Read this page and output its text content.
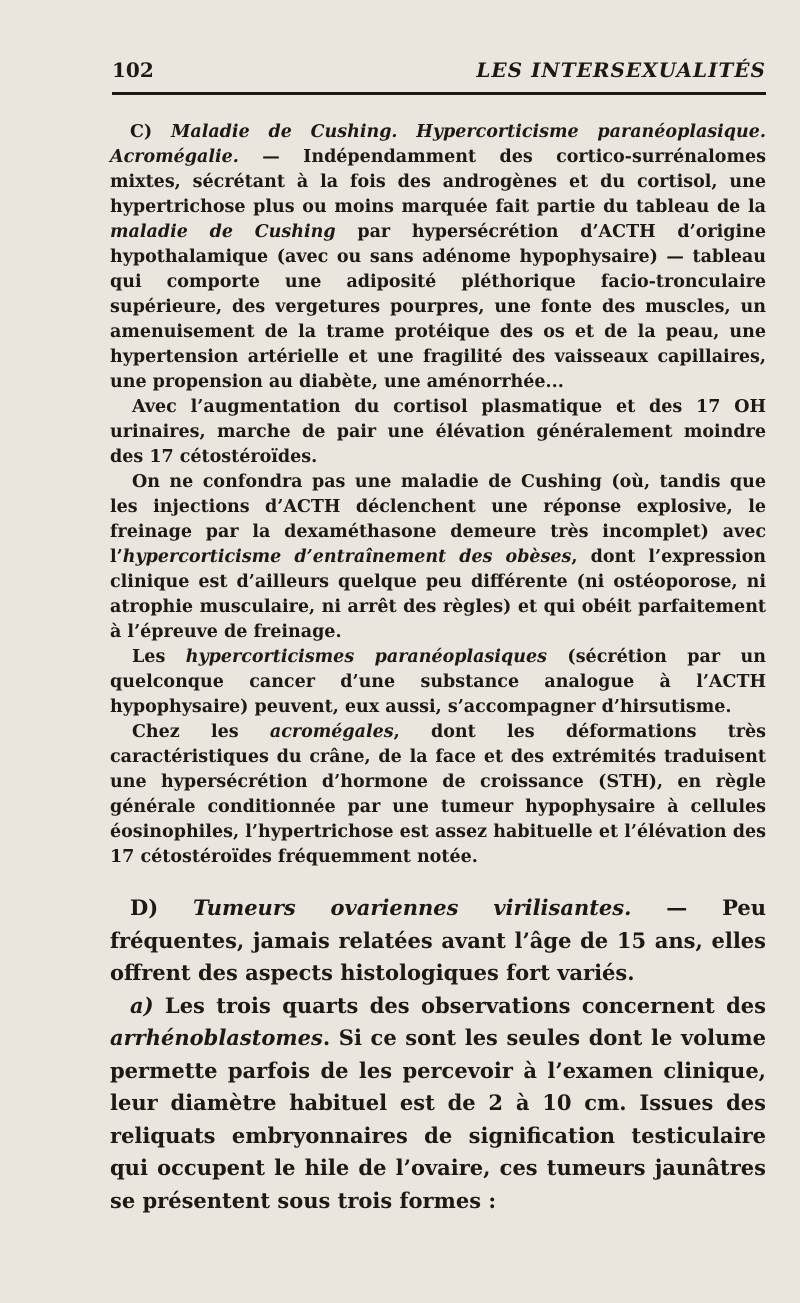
102	LES INTERSEXUALITÉS

C) Maladie de Cushing. Hypercorticisme paranéoplasique. Acromégalie. — Indépendamment des cortico-surrénalomes mixtes, sécrétant à la fois des androgènes et du cortisol, une hypertrichose plus ou moins marquée fait partie du tableau de la maladie de Cushing par hypersécrétion d’ACTH d’origine hypothalamique (avec ou sans adénome hypophysaire) — tableau qui comporte une adiposité pléthorique facio-tronculaire supérieure, des vergetures pourpres, une fonte des muscles, un amenuisement de la trame protéique des os et de la peau, une hypertension artérielle et une fragilité des vaisseaux capillaires, une propension au diabète, une aménorrhée...

Avec l’augmentation du cortisol plasmatique et des 17 OH urinaires, marche de pair une élévation généralement moindre des 17 cétostéroïdes.

On ne confondra pas une maladie de Cushing (où, tandis que les injections d’ACTH déclenchent une réponse explosive, le freinage par la dexaméthasone demeure très incomplet) avec l’hypercorticisme d’entraînement des obèses, dont l’expression clinique est d’ailleurs quelque peu différente (ni ostéoporose, ni atrophie musculaire, ni arrêt des règles) et qui obéit parfaitement à l’épreuve de freinage.

Les hypercorticismes paranéoplasiques (sécrétion par un quelconque cancer d’une substance analogue à l’ACTH hypophysaire) peuvent, eux aussi, s’accompagner d’hirsutisme.

Chez les acromégales, dont les déformations très caractéristiques du crâne, de la face et des extrémités traduisent une hypersécrétion d’hormone de croissance (STH), en règle générale conditionnée par une tumeur hypophysaire à cellules éosinophiles, l’hypertrichose est assez habituelle et l’élévation des 17 cétostéroïdes fréquemment notée.

D) Tumeurs ovariennes virilisantes. — Peu fréquentes, jamais relatées avant l’âge de 15 ans, elles offrent des aspects histologiques fort variés.

a) Les trois quarts des observations concernent des arrhénoblastomes. Si ce sont les seules dont le volume permette parfois de les percevoir à l’examen clinique, leur diamètre habituel est de 2 à 10 cm. Issues des reliquats embryonnaires de signification testiculaire qui occupent le hile de l’ovaire, ces tumeurs jaunâtres se présentent sous trois formes :
